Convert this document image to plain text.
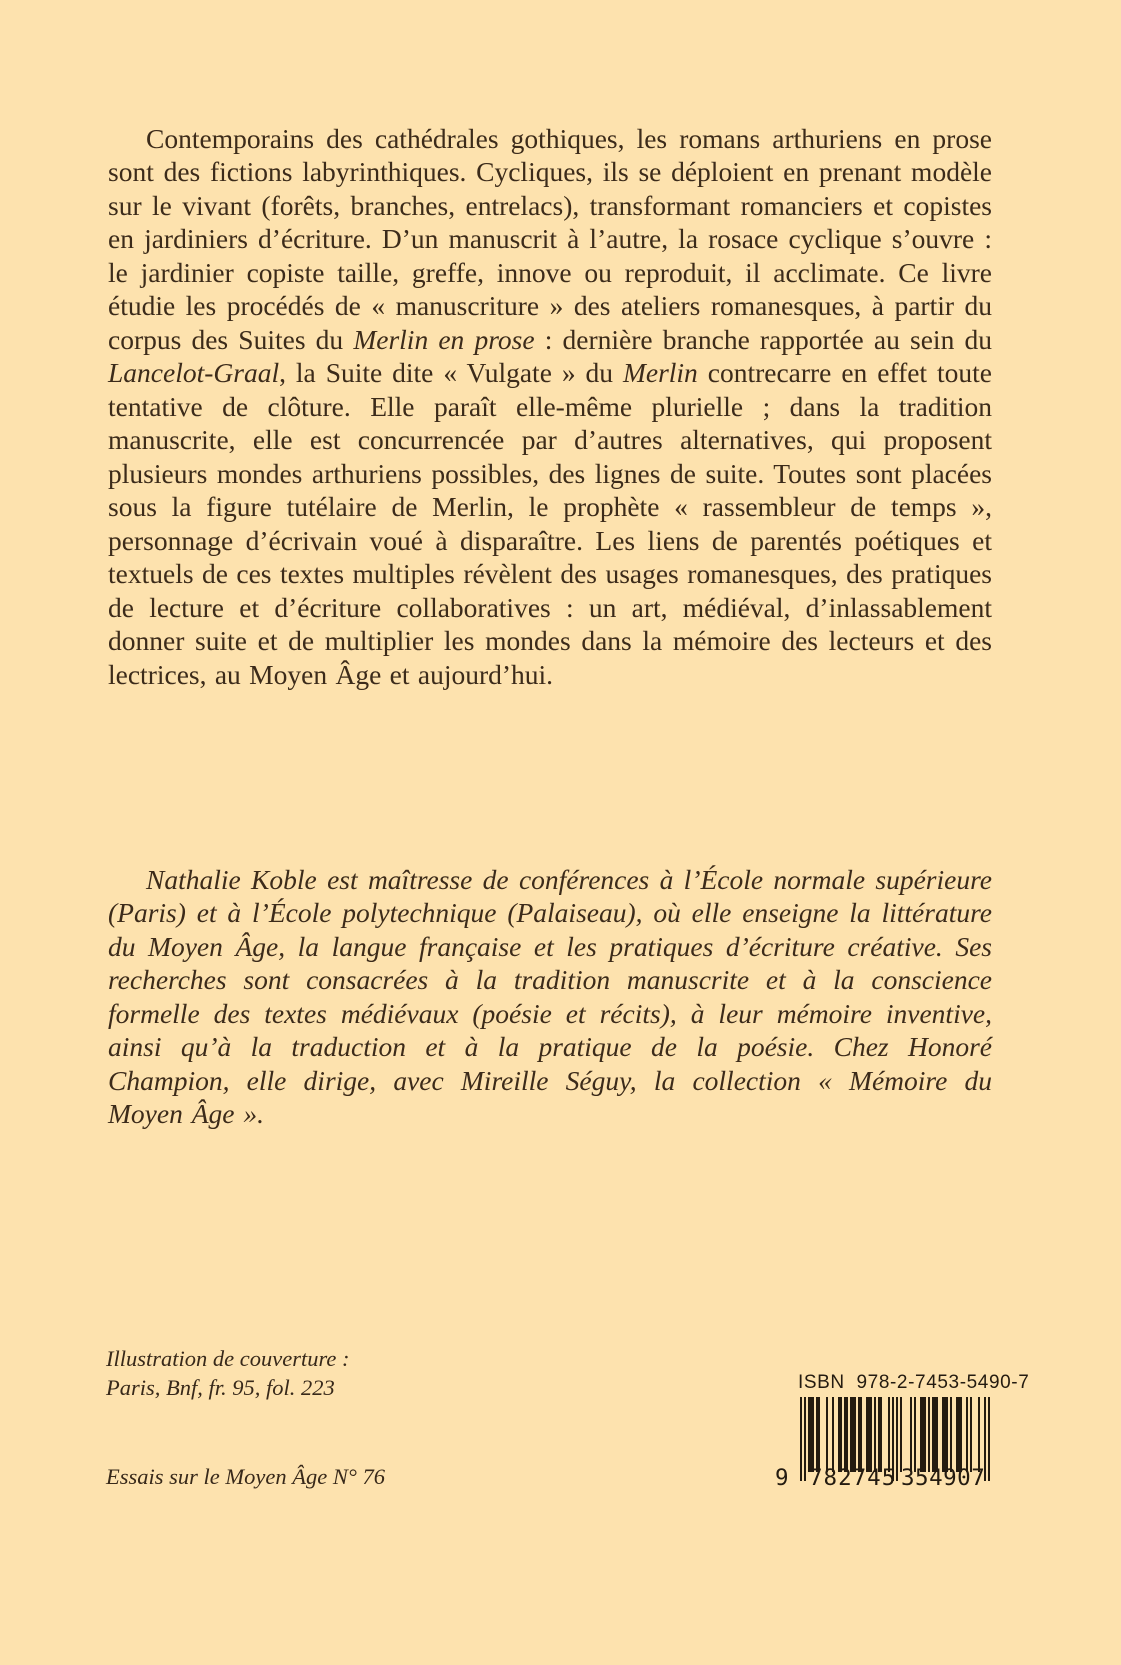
Contemporains des cathédrales gothiques, les romans arthuriens en prose sont des fictions labyrinthiques. Cycliques, ils se déploient en prenant modèle sur le vivant (forêts, branches, entrelacs), transformant romanciers et copistes en jardiniers d’écriture. D’un manuscrit à l’autre, la rosace cyclique s’ouvre : le jardinier copiste taille, greffe, innove ou reproduit, il acclimate. Ce livre étudie les procédés de « manuscriture » des ateliers romanesques, à partir du corpus des Suites du Merlin en prose : dernière branche rapportée au sein du Lancelot-Graal, la Suite dite « Vulgate » du Merlin contrecarre en effet toute tentative de clôture. Elle paraît elle-même plurielle ; dans la tradition manuscrite, elle est concurrencée par d’autres alternatives, qui proposent plusieurs mondes arthuriens possibles, des lignes de suite. Toutes sont placées sous la figure tutélaire de Merlin, le prophète « rassembleur de temps », personnage d’écrivain voué à disparaître. Les liens de parentés poétiques et textuels de ces textes multiples révèlent des usages romanesques, des pratiques de lecture et d’écriture collaboratives : un art, médiéval, d’inlassablement donner suite et de multiplier les mondes dans la mémoire des lecteurs et des lectrices, au Moyen Âge et aujourd’hui.

Nathalie Koble est maîtresse de conférences à l’École normale supérieure (Paris) et à l’École polytechnique (Palaiseau), où elle enseigne la littérature du Moyen Âge, la langue française et les pratiques d’écriture créative. Ses recherches sont consacrées à la tradition manuscrite et à la conscience formelle des textes médiévaux (poésie et récits), à leur mémoire inventive, ainsi qu’à la traduction et à la pratique de la poésie. Chez Honoré Champion, elle dirige, avec Mireille Séguy, la collection « Mémoire du Moyen Âge ».

Illustration de couverture :
Paris, Bnf, fr. 95, fol. 223
Essais sur le Moyen Âge N° 76
ISBN  978-2-7453-5490-7
9 782745 354907
